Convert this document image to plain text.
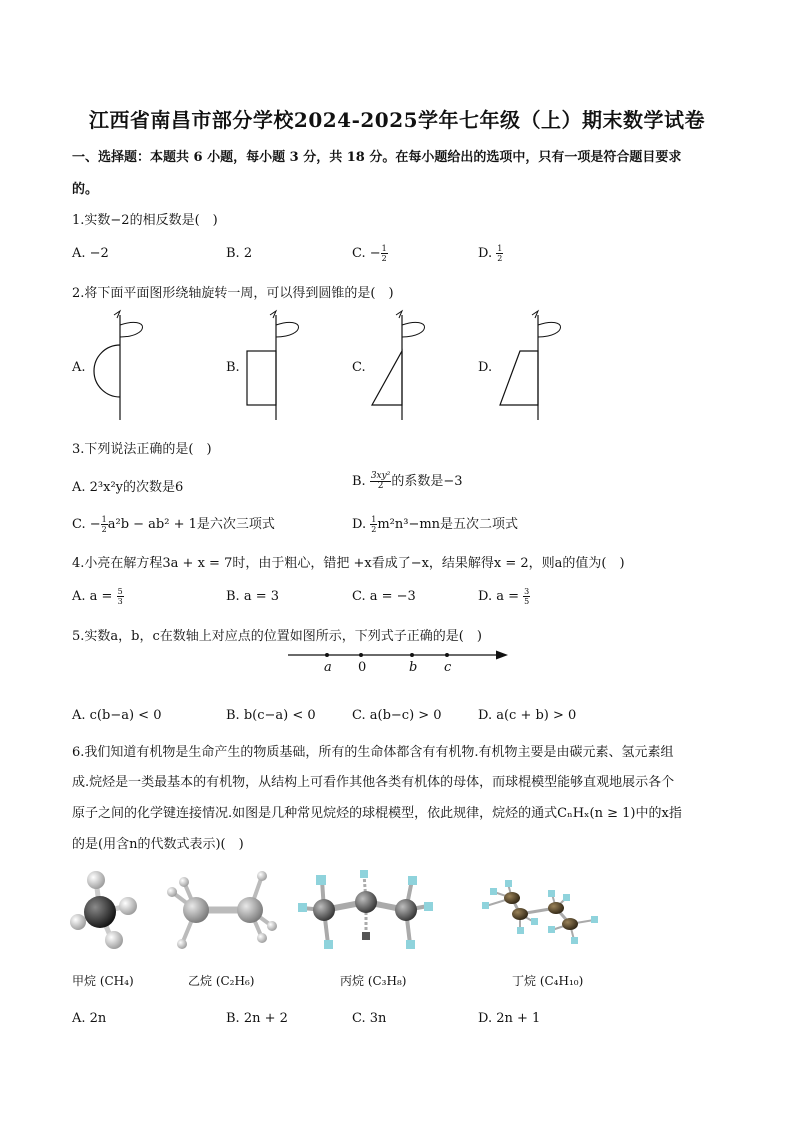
江西省南昌市部分学校2024-2025学年七年级（上）期末数学试卷
一、选择题：本题共 6 小题，每小题 3 分，共 18 分。在每小题给出的选项中，只有一项是符合题目要求
的。
1.实数−2的相反数是(　)
A. −2	B. 2	C. − $\frac{1}{2}$	D. $\frac{1}{2}$
2.将下面平面图形绕轴旋转一周，可以得到圆锥的是(　)
A.	B.	C.	D.
3.下列说法正确的是(　)
A. 2³x²y的次数是6	B. $\frac{\text{3xy²}}{2}$ 的系数是−3
C. − $\frac{1}{2} a^2b - ab^2 + 1$是六次三项式	D. $\frac{1}{2} m^2n^3-mn$是五次二项式
4.小亮在解方程3a + x = 7时，由于粗心，错把 +x看成了−x，结果解得x = 2，则a的值为(　)
A. $a = \frac{5}{3}$	B. a = 3	C. a = −3	D. $a = \frac{3}{5}$
5.实数a，b，c在数轴上对应点的位置如图所示，下列式子正确的是(　)
a 0	b c
A. c(b−a) < 0	B. b(c−a) < 0	C. a(b−c) > 0	D. a(c + b) > 0
6.我们知道有机物是生命产生的物质基础，所有的生命体都含有有机物.有机物主要是由碳元素、氢元素组
成.烷烃是一类最基本的有机物，从结构上可看作其他各类有机体的母体，而球棍模型能够直观地展示各个
原子之间的化学键连接情况.如图是几种常见烷烃的球棍模型，依此规律，烷烃的通式CₙHₓ(n ≥ 1)中的x指
的是(用含n的代数式表示)(　)
甲烷 (CH₄)	乙烷 (C₂H₆)	丙烷 (C₃H₈)	丁烷 (C₄H₁₀)
A. 2n	B. 2n + 2	C. 3n	D. 2n + 1
